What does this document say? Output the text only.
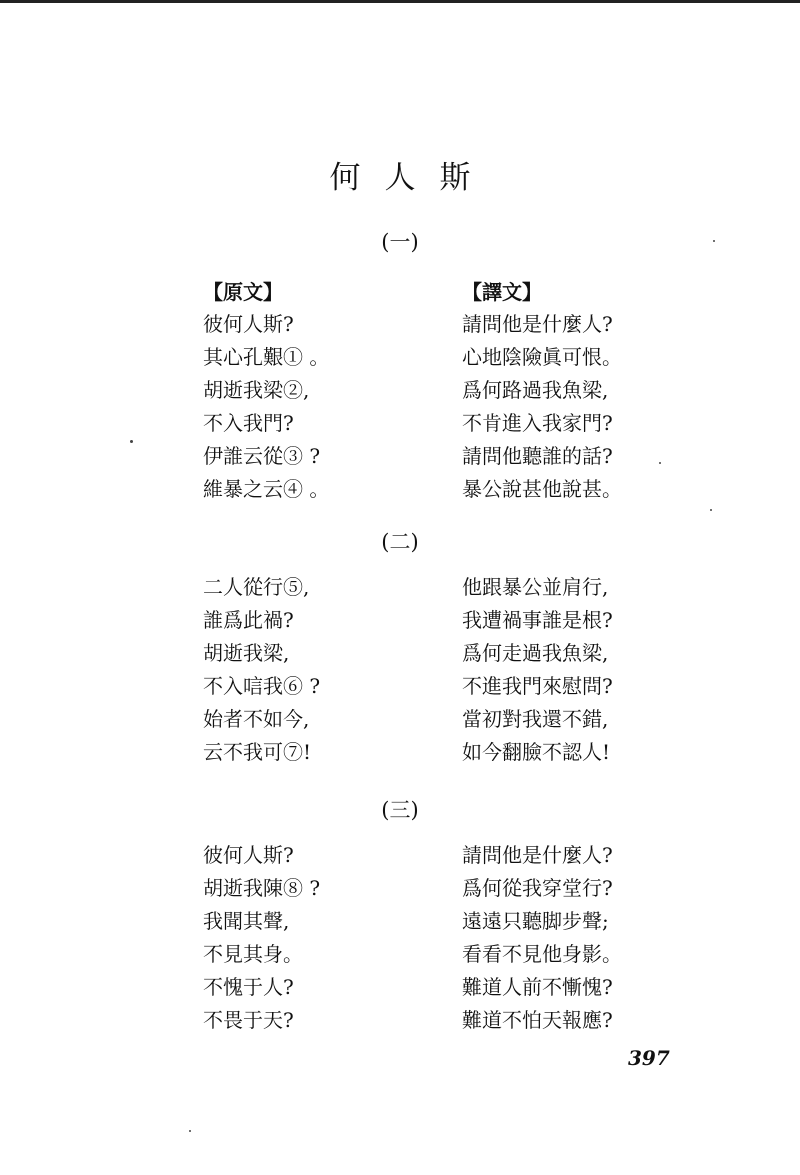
何人斯
(一)
【原文】	【譯文】
彼何人斯?
其心孔艱① 。
胡逝我梁②,
不入我門?
伊誰云從③ ?
維暴之云④ 。
請問他是什麼人?
心地陰險眞可恨。
爲何路過我魚梁,
不肯進入我家門?
請問他聽誰的話?
暴公說甚他說甚。
(二)
二人從行⑤,
誰爲此禍?
胡逝我梁,
不入唁我⑥ ?
始者不如今,
云不我可⑦!
他跟暴公並肩行,
我遭禍事誰是根?
爲何走過我魚梁,
不進我門來慰問?
當初對我還不錯,
如今翻臉不認人!
(三)
彼何人斯?
胡逝我陳⑧ ?
我聞其聲,
不見其身。
不愧于人?
不畏于天?
請問他是什麼人?
爲何從我穿堂行?
遠遠只聽脚步聲;
看看不見他身影。
難道人前不慚愧?
難道不怕天報應?
397
